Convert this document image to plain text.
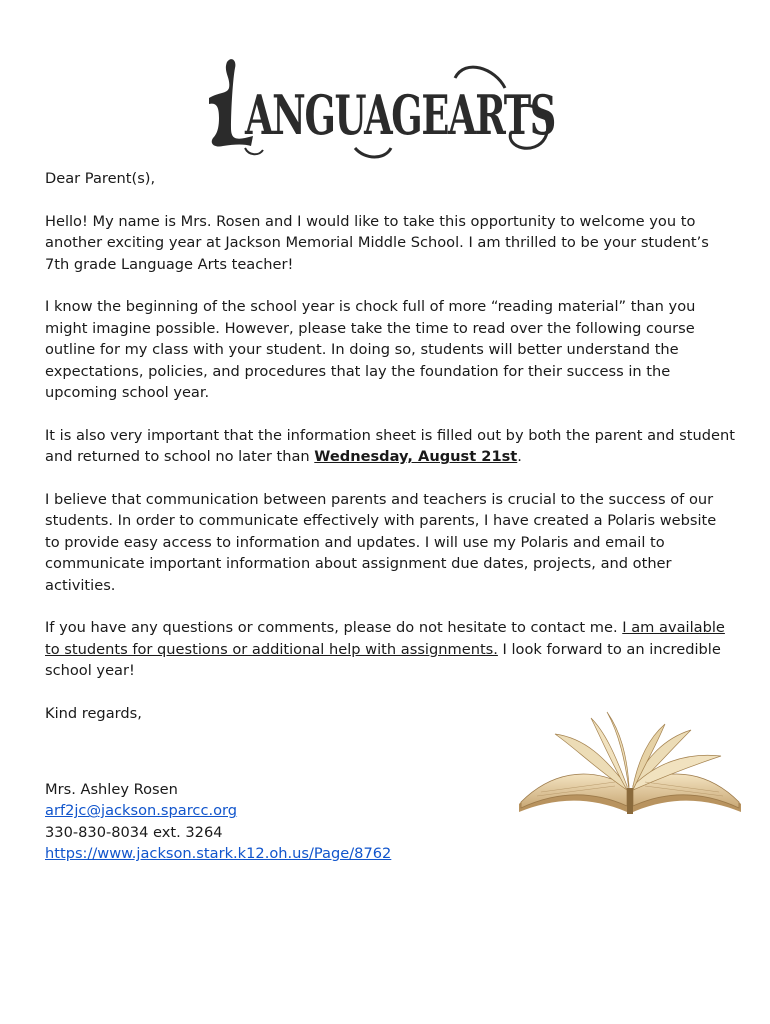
ANGUAGEARTS

Dear Parent(s),

Hello! My name is Mrs. Rosen and I would like to take this opportunity to welcome you to another exciting year at Jackson Memorial Middle School. I am thrilled to be your student’s 7th grade Language Arts teacher!

I know the beginning of the school year is chock full of more “reading material” than you might imagine possible. However, please take the time to read over the following course outline for my class with your student. In doing so, students will better understand the expectations, policies, and procedures that lay the foundation for their success in the upcoming school year.

It is also very important that the information sheet is filled out by both the parent and student and returned to school no later than Wednesday, August 21st.

I believe that communication between parents and teachers is crucial to the success of our students. In order to communicate effectively with parents, I have created a Polaris website to provide easy access to information and updates. I will use my Polaris and email to communicate important information about assignment due dates, projects, and other activities.

If you have any questions or comments, please do not hesitate to contact me. I am available to students for questions or additional help with assignments. I look forward to an incredible school year!

Kind regards,

Mrs. Ashley Rosen
arf2jc@jackson.sparcc.org
330-830-8034 ext. 3264
https://www.jackson.stark.k12.oh.us/Page/8762
